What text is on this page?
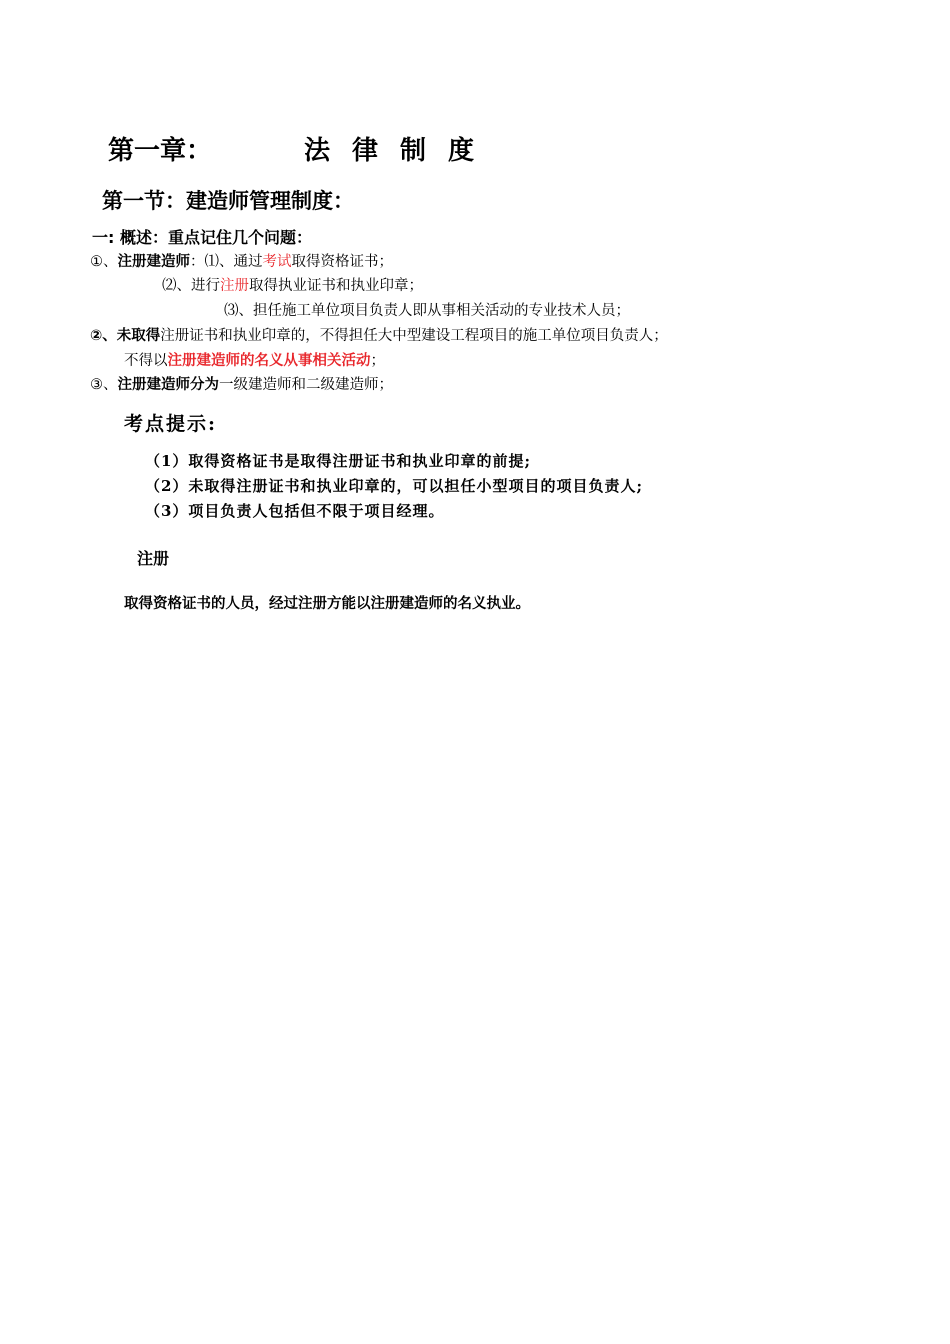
第一章：	法律制度
第一节：建造师管理制度：
一: 概述：重点记住几个问题：
①、注册建造师：⑴、通过考试取得资格证书；
⑵、进行注册取得执业证书和执业印章；
⑶、担任施工单位项目负责人即从事相关活动的专业技术人员；
②、未取得注册证书和执业印章的，不得担任大中型建设工程项目的施工单位项目负责人；
不得以注册建造师的名义从事相关活动；
③、注册建造师分为一级建造师和二级建造师；
考点提示:
（1）取得资格证书是取得注册证书和执业印章的前提;
（2）未取得注册证书和执业印章的，可以担任小型项目的项目负责人;
（3）项目负责人包括但不限于项目经理。
注册
取得资格证书的人员，经过注册方能以注册建造师的名义执业。
